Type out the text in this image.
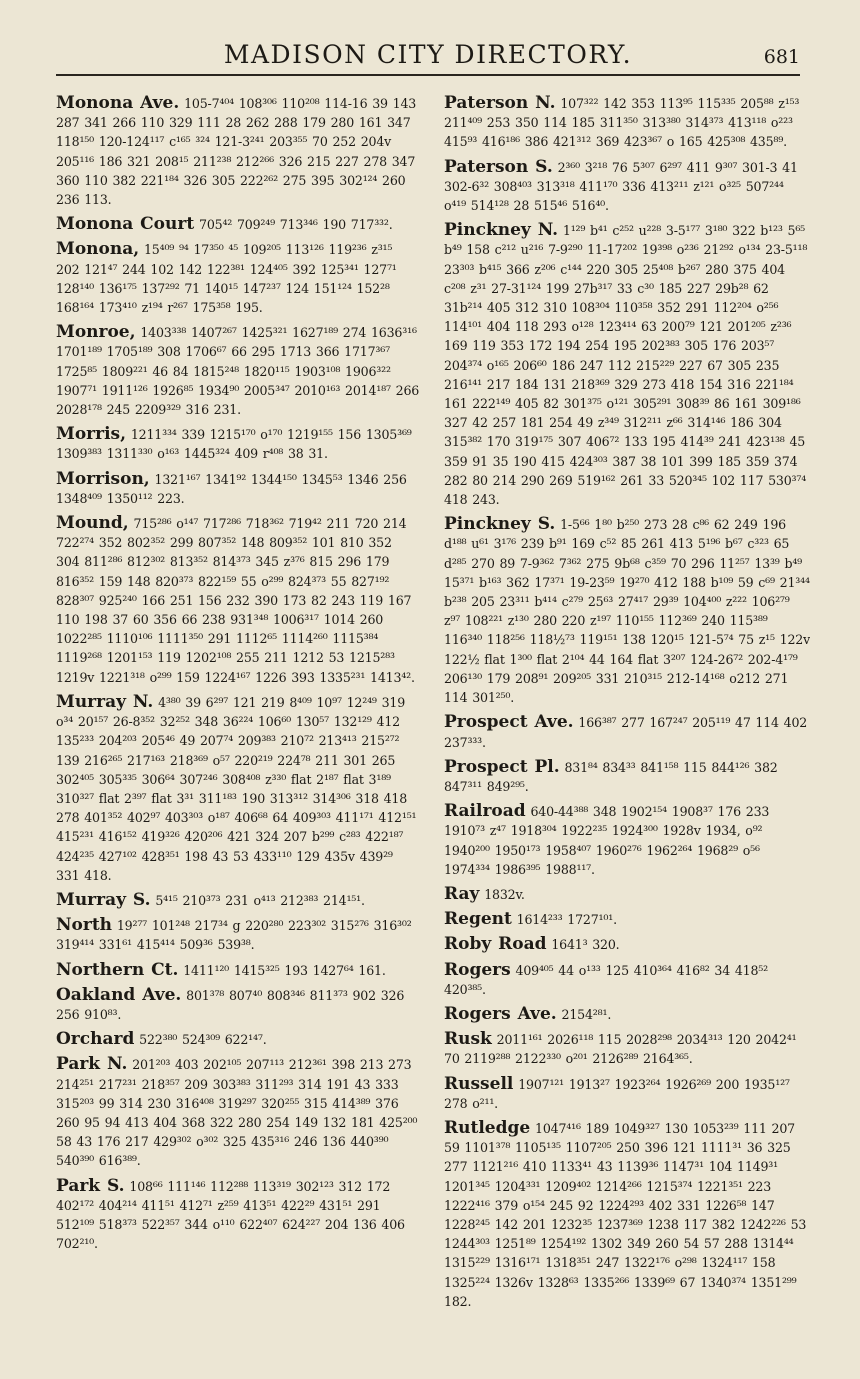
MADISON CITY DIRECTORY.	681
Monona Ave. 105-7⁴⁰⁴ 108³⁰⁶ 110²⁰⁸ 114-16 39 143 287 341 266 110 329 111 28 262 288 179 280 161 347 118¹⁵⁰ 120-124¹¹⁷ c¹⁶⁵ ³²⁴ 121-3²⁴¹ 203³⁵⁵ 70 252 204v 205¹¹⁶ 186 321 208¹⁵ 211²³⁸ 212²⁶⁶ 326 215 227 278 347 360 110 382 221¹⁸⁴ 326 305 222²⁶² 275 395 302¹²⁴ 260 236 113.
Monona Court 705⁴² 709²⁴⁹ 713³⁴⁶ 190 717³³².
Monona, 15⁴⁰⁹ ⁹⁴ 17³⁵⁰ ⁴⁵ 109²⁰⁵ 113¹²⁶ 119²³⁶ z³¹⁵ 202 121⁴⁷ 244 102 142 122³⁸¹ 124⁴⁰⁵ 392 125³⁴¹ 127⁷¹ 128¹⁴⁰ 136¹⁷⁵ 137²⁹² 71 140¹⁵ 147²³⁷ 124 151¹²⁴ 152²⁸ 168¹⁶⁴ 173⁴¹⁰ z¹⁹⁴ r²⁶⁷ 175³⁵⁸ 195.
Monroe, 1403³³⁸ 1407²⁶⁷ 1425³²¹ 1627¹⁸⁹ 274 1636³¹⁶ 1701¹⁸⁹ 1705¹⁸⁹ 308 1706⁶⁷ 66 295 1713 366 1717³⁶⁷ 1725⁸⁵ 1809²²¹ 46 84 1815²⁴⁸ 1820¹¹⁵ 1903¹⁰⁸ 1906³²² 1907⁷¹ 1911¹²⁶ 1926⁸⁵ 1934⁹⁰ 2005³⁴⁷ 2010¹⁶³ 2014¹⁸⁷ 266 2028¹⁷⁸ 245 2209³²⁹ 316 231.
Morris, 1211³³⁴ 339 1215¹⁷⁰ o¹⁷⁰ 1219¹⁵⁵ 156 1305³⁶⁹ 1309³⁸³ 1311³³⁰ o¹⁶³ 1445³²⁴ 409 r⁴⁰⁸ 38 31.
Morrison, 1321¹⁶⁷ 1341⁹² 1344¹⁵⁰ 1345⁵³ 1346 256 1348⁴⁰⁹ 1350¹¹² 223.
Mound, 715²⁸⁶ o¹⁴⁷ 717²⁸⁶ 718³⁶² 719⁴² 211 720 214 722²⁷⁴ 352 802³⁵² 299 807³⁵² 148 809³⁵² 101 810 352 304 811²⁸⁶ 812³⁰² 813³⁵² 814³⁷³ 345 z³⁷⁶ 815 296 179 816³⁵² 159 148 820³⁷³ 822¹⁵⁹ 55 o²⁹⁹ 824³⁷³ 55 827¹⁹² 828³⁰⁷ 925²⁴⁰ 166 251 156 232 390 173 82 243 119 167 110 198 37 60 356 66 238 931³⁴⁸ 1006³¹⁷ 1014 260 1022²⁸⁵ 1110¹⁰⁶ 1111³⁵⁰ 291 1112⁶⁵ 1114²⁶⁰ 1115³⁸⁴ 1119²⁶⁸ 1201¹⁵³ 119 1202¹⁰⁸ 255 211 1212 53 1215²⁸³ 1219v 1221³¹⁸ o²⁹⁹ 159 1224¹⁶⁷ 1226 393 1335²³¹ 1413⁴².
Murray N. 4³⁸⁰ 39 6²⁹⁷ 121 219 8⁴⁰⁹ 10⁹⁷ 12²⁴⁹ 319 o³⁴ 20¹⁵⁷ 26-8³⁵² 32²⁵² 348 36²²⁴ 106⁶⁰ 130⁵⁷ 132¹²⁹ 412 135²³³ 204²⁰³ 205⁴⁶ 49 207⁷⁴ 209³⁸³ 210⁷² 213⁴¹³ 215²⁷² 139 216²⁶⁵ 217¹⁶³ 218³⁶⁹ o⁵⁷ 220²¹⁹ 224⁷⁸ 211 301 265 302⁴⁰⁵ 305³³⁵ 306⁶⁴ 307²⁴⁶ 308⁴⁰⁸ z³³⁰ flat 2¹⁸⁷ flat 3¹⁸⁹ 310³²⁷ flat 2³⁹⁷ flat 3³¹ 311¹⁸³ 190 313³¹² 314³⁰⁶ 318 418 278 401³⁵² 402⁹⁷ 403³⁰³ o¹⁸⁷ 406⁶⁸ 64 409³⁰³ 411¹⁷¹ 412¹⁵¹ 415²³¹ 416¹⁵² 419³²⁶ 420²⁰⁶ 421 324 207 b²⁹⁹ c²⁸³ 422¹⁸⁷ 424²³⁵ 427¹⁰² 428³⁵¹ 198 43 53 433¹¹⁰ 129 435v 439²⁹ 331 418.
Murray S. 5⁴¹⁵ 210³⁷³ 231 o⁴¹³ 212³⁸³ 214¹⁵¹.
North 19²⁷⁷ 101²⁴⁸ 217³⁴ g 220²⁸⁰ 223³⁰² 315²⁷⁶ 316³⁰² 319⁴¹⁴ 331⁶¹ 415⁴¹⁴ 509³⁶ 539³⁸.
Northern Ct. 1411¹²⁰ 1415³²⁵ 193 1427⁶⁴ 161.
Oakland Ave. 801³⁷⁸ 807⁴⁰ 808³⁴⁶ 811³⁷³ 902 326 256 910⁸³.
Orchard 522³⁸⁰ 524³⁰⁹ 622¹⁴⁷.
Park N. 201²⁰³ 403 202¹⁰⁵ 207¹¹³ 212³⁶¹ 398 213 273 214²⁵¹ 217²³¹ 218³⁵⁷ 209 303³⁸³ 311²⁹³ 314 191 43 333 315²⁰³ 99 314 230 316⁴⁰⁸ 319²⁹⁷ 320²⁵⁵ 315 414³⁸⁹ 376 260 95 94 413 404 368 322 280 254 149 132 181 425²⁰⁰ 58 43 176 217 429³⁰² o³⁰² 325 435³¹⁶ 246 136 440³⁹⁰ 540³⁹⁰ 616³⁸⁹.
Park S. 108⁶⁶ 111¹⁴⁶ 112²⁸⁸ 113³¹⁹ 302¹²³ 312 172 402¹⁷² 404²¹⁴ 411⁵¹ 412⁷¹ z²⁵⁹ 413⁵¹ 422²⁹ 431⁵¹ 291 512¹⁰⁹ 518³⁷³ 522³⁵⁷ 344 o¹¹⁰ 622⁴⁰⁷ 624²²⁷ 204 136 406 702²¹⁰.
Paterson N. 107³²² 142 353 113⁹⁵ 115³³⁵ 205⁸⁸ z¹⁵³ 211⁴⁰⁹ 253 350 114 185 311³⁵⁰ 313³⁸⁰ 314³⁷³ 413¹¹⁸ o²²³ 415⁹³ 416¹⁸⁶ 386 421³¹² 369 423³⁶⁷ o 165 425³⁰⁸ 435⁸⁹.
Paterson S. 2³⁶⁰ 3²¹⁸ 76 5³⁰⁷ 6²⁹⁷ 411 9³⁰⁷ 301-3 41 302-6³² 308⁴⁰³ 313³¹⁸ 411¹⁷⁰ 336 413²¹¹ z¹²¹ o³²⁵ 507²⁴⁴ o⁴¹⁹ 514¹²⁸ 28 515⁴⁶ 516⁴⁰.
Pinckney N. 1¹²⁹ b⁴¹ c²⁵² u²²⁸ 3-5¹⁷⁷ 3¹⁸⁰ 322 b¹²³ 5⁶⁵ b⁴⁹ 158 c²¹² u²¹⁶ 7-9²⁹⁰ 11-17²⁰² 19³⁹⁸ o²³⁶ 21²⁹² o¹³⁴ 23-5¹¹⁸ 23³⁰³ b⁴¹⁵ 366 z²⁰⁶ c¹⁴⁴ 220 305 25⁴⁰⁸ b²⁶⁷ 280 375 404 c²⁰⁸ z³¹ 27-31¹²⁴ 199 27b³¹⁷ 33 c³⁰ 185 227 29b²⁸ 62 31b²¹⁴ 405 312 310 108³⁰⁴ 110³⁵⁸ 352 291 112²⁰⁴ o²⁵⁶ 114¹⁰¹ 404 118 293 o¹²⁸ 123⁴¹⁴ 63 200⁷⁹ 121 201²⁰⁵ z²³⁶ 169 119 353 172 194 254 195 202³⁸³ 305 176 203⁵⁷ 204³⁷⁴ o¹⁶⁵ 206⁶⁰ 186 247 112 215²²⁹ 227 67 305 235 216¹⁴¹ 217 184 131 218³⁶⁹ 329 273 418 154 316 221¹⁸⁴ 161 222¹⁴⁹ 405 82 301³⁷⁵ o¹²¹ 305²⁹¹ 308³⁹ 86 161 309¹⁸⁶ 327 42 257 181 254 49 z³⁴⁹ 312²¹¹ z⁶⁶ 314¹⁴⁶ 186 304 315³⁸² 170 319¹⁷⁵ 307 406⁷² 133 195 414³⁹ 241 423¹³⁸ 45 359 91 35 190 415 424³⁰³ 387 38 101 399 185 359 374 282 80 214 290 269 519¹⁶² 261 33 520³⁴⁵ 102 117 530³⁷⁴ 418 243.
Pinckney S. 1-5⁶⁶ 1⁸⁰ b²⁵⁰ 273 28 c⁸⁶ 62 249 196 d¹⁸⁸ u⁶¹ 3¹⁷⁶ 239 b⁹¹ 169 c⁵² 85 261 413 5¹⁹⁶ b⁶⁷ c³²³ 65 d²⁸⁵ 270 89 7-9³⁶² 7³⁶² 275 9b⁶⁸ c³⁵⁹ 70 296 11²⁵⁷ 13³⁹ b⁴⁹ 15³⁷¹ b¹⁶³ 362 17³⁷¹ 19-23⁵⁹ 19²⁷⁰ 412 188 b¹⁰⁹ 59 c⁶⁹ 21³⁴⁴ b²³⁸ 205 23³¹¹ b⁴¹⁴ c²⁷⁹ 25⁶³ 27⁴¹⁷ 29³⁹ 104⁴⁰⁰ z²²² 106²⁷⁹ z⁹⁷ 108²²¹ z¹³⁰ 280 220 z¹⁹⁷ 110¹⁵⁵ 112³⁶⁹ 240 115³⁸⁹ 116³⁴⁰ 118²⁵⁶ 118½⁷³ 119¹⁵¹ 138 120¹⁵ 121-5⁷⁴ 75 z¹⁵ 122v 122½ flat 1³⁰⁰ flat 2¹⁰⁴ 44 164 flat 3²⁰⁷ 124-26⁷² 202-4¹⁷⁹ 206¹³⁰ 179 208⁹¹ 209²⁰⁵ 331 210³¹⁵ 212-14¹⁶⁸ o212 271 114 301²⁵⁰.
Prospect Ave. 166³⁸⁷ 277 167²⁴⁷ 205¹¹⁹ 47 114 402 237³³³.
Prospect Pl. 831⁸⁴ 834³³ 841¹⁵⁸ 115 844¹²⁶ 382 847³¹¹ 849²⁹⁵.
Railroad 640-44³⁸⁸ 348 1902¹⁵⁴ 1908³⁷ 176 233 1910⁷³ z⁴⁷ 1918³⁰⁴ 1922²³⁵ 1924³⁰⁰ 1928v 1934, o⁹² 1940²⁰⁰ 1950¹⁷³ 1958⁴⁰⁷ 1960²⁷⁶ 1962²⁶⁴ 1968²⁹ o⁵⁶ 1974³³⁴ 1986³⁹⁵ 1988¹¹⁷.
Ray 1832v.
Regent 1614²³³ 1727¹⁰¹.
Roby Road 1641³ 320.
Rogers 409⁴⁰⁵ 44 o¹³³ 125 410³⁶⁴ 416⁸² 34 418⁵² 420³⁸⁵.
Rogers Ave. 2154²⁸¹.
Rusk 2011¹⁶¹ 2026¹¹⁸ 115 2028²⁹⁸ 2034³¹³ 120 2042⁴¹ 70 2119²⁸⁸ 2122³³⁰ o²⁰¹ 2126²⁸⁹ 2164³⁶⁵.
Russell 1907¹²¹ 1913²⁷ 1923²⁶⁴ 1926²⁶⁹ 200 1935¹²⁷ 278 o²¹¹.
Rutledge 1047⁴¹⁶ 189 1049³²⁷ 130 1053²³⁹ 111 207 59 1101³⁷⁸ 1105¹³⁵ 1107²⁰⁵ 250 396 121 1111³¹ 36 325 277 1121²¹⁶ 410 1133⁴¹ 43 1139³⁶ 1147³¹ 104 1149³¹ 1201³⁴⁵ 1204³³¹ 1209⁴⁰² 1214²⁶⁶ 1215³⁷⁴ 1221³⁵¹ 223 1222⁴¹⁶ 379 o¹⁵⁴ 245 92 1224²⁹³ 402 331 1226⁵⁸ 147 1228²⁴⁵ 142 201 1232³⁵ 1237³⁶⁹ 1238 117 382 1242²²⁶ 53 1244³⁰³ 1251⁸⁹ 1254¹⁹² 1302 349 260 54 57 288 1314⁴⁴ 1315²²⁹ 1316¹⁷¹ 1318³⁵¹ 247 1322¹⁷⁶ o²⁹⁸ 1324¹¹⁷ 158 1325²²⁴ 1326v 1328⁶³ 1335²⁶⁶ 1339⁶⁹ 67 1340³⁷⁴ 1351²⁹⁹ 182.
